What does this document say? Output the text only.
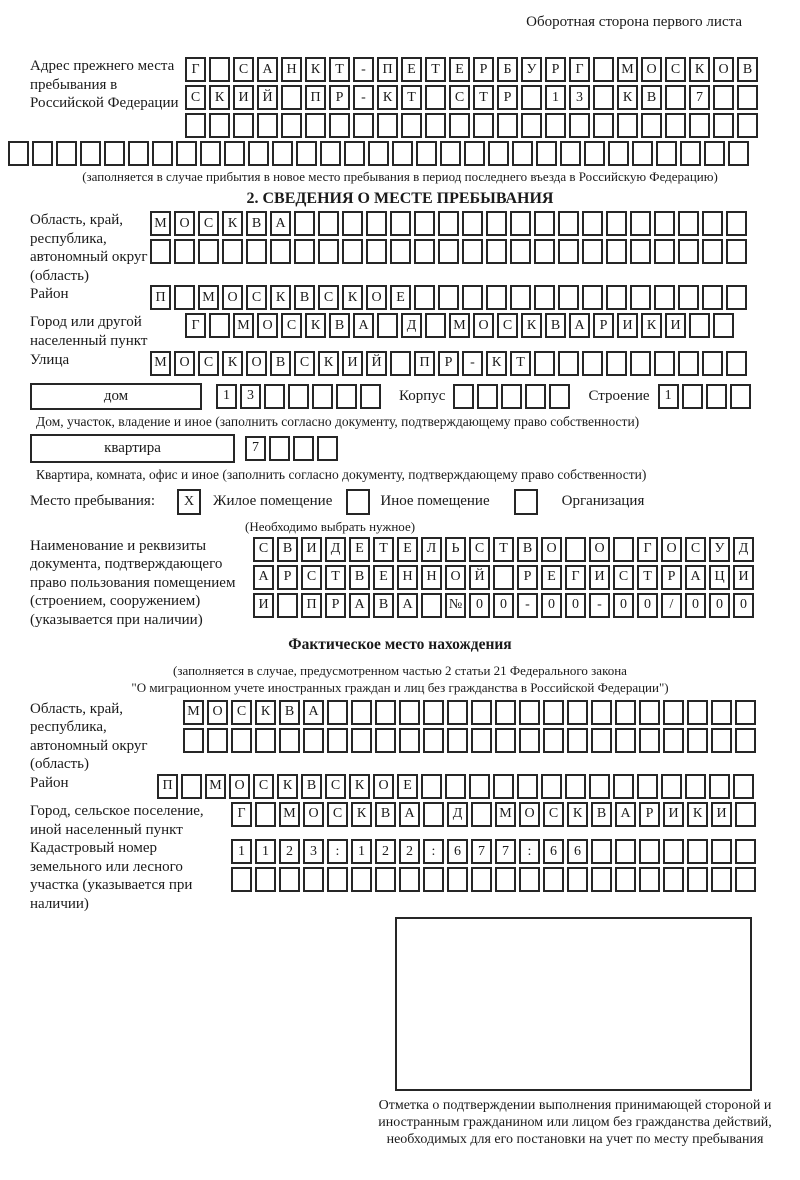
Оборотная сторона первого листа
Адрес прежнего места пребывания в Российской Федерации
Г	С	А Н	К	Т	-	П	Е	Т	Е	Р	Б	У	Р	Г	М О	С	К	О	В
С	К	И Й	П	Р	-	К	Т	С	Т	Р	1	3	К	В	7
(заполняется в случае прибытия в новое место пребывания в период последнего въезда в Российскую Федерацию)
2. СВЕДЕНИЯ О МЕСТЕ ПРЕБЫВАНИЯ
Область, край, республика, автономный округ (область)
М О	С	К	В	А
Район	П	М О	С	К	В	С	К	О	Е
Город или другой населенный пункт
Г	М О	С	К	В	А	Д	М О	С	К	В	А	Р	И	К	И
Улица	М О	С	К	О	В	С	К	И Й	П	Р	-	К	Т
дом	1	3	Корпус	Строение	1
Дом, участок, владение и иное (заполнить согласно документу, подтверждающему право собственности)
квартира	7
Квартира, комната, офис и иное (заполнить согласно документу, подтверждающему право собственности)
Место пребывания:	X	Жилое помещение	Иное помещение	Организация
(Необходимо выбрать нужное)
Наименование и реквизиты документа, подтверждающего право пользования помещением (строением, сооружением) (указывается при наличии)
С	В	И	Д	Е	Т	Е	Л	Ь	С	Т	В	О	О	Г	О	С	У	Д
А	Р	С	Т	В	Е	Н Н О Й	Р	Е	Г	И	С	Т	Р	А Ц И
И	П	Р	А	В	А	№ 0	0	-	0	0	-	0	0	/	0	0	0
Фактическое место нахождения
(заполняется в случае, предусмотренном частью 2 статьи 21 Федерального закона
"О миграционном учете иностранных граждан и лиц без гражданства в Российской Федерации")
Область, край, республика, автономный округ (область)
М О	С	К	В	А
Район	П	М О	С	К	В	С	К	О	Е
Город, сельское поселение, иной населенный пункт
Г	М О	С	К	В	А	Д	М О	С	К	В	А	Р	И	К	И
Кадастровый номер земельного или лесного участка (указывается при наличии)
1	1	2	3	:	1	2	2	:	6	7	7	:	6	6
Отметка о подтверждении выполнения принимающей стороной и иностранным гражданином или лицом без гражданства действий, необходимых для его постановки на учет по месту пребывания
